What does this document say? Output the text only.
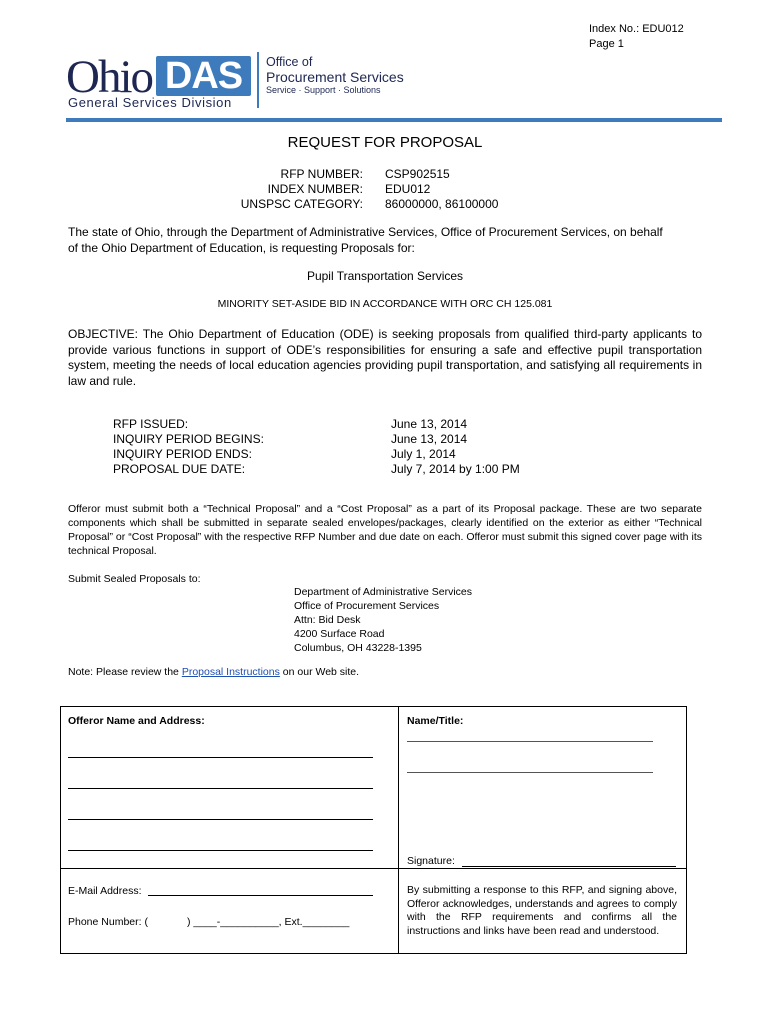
Index No.: EDU012
Page 1
Ohio DAS
General Services Division
Office of
Procurement Services
Service · Support · Solutions
REQUEST FOR PROPOSAL
RFP NUMBER:
INDEX NUMBER:
UNSPSC CATEGORY:
CSP902515
EDU012
86000000, 86100000
The state of Ohio, through the Department of Administrative Services, Office of Procurement Services, on behalf of the Ohio Department of Education, is requesting Proposals for:
Pupil Transportation Services
MINORITY SET-ASIDE BID IN ACCORDANCE WITH ORC CH 125.081
OBJECTIVE: The Ohio Department of Education (ODE) is seeking proposals from qualified third-party applicants to provide various functions in support of ODE’s responsibilities for ensuring a safe and effective pupil transportation system, meeting the needs of local education agencies providing pupil transportation, and satisfying all requirements in law and rule.
RFP ISSUED:
INQUIRY PERIOD BEGINS:
INQUIRY PERIOD ENDS:
PROPOSAL DUE DATE:
June 13, 2014
June 13, 2014
July 1, 2014
July 7, 2014 by 1:00 PM
Offeror must submit both a “Technical Proposal” and a “Cost Proposal” as a part of its Proposal package. These are two separate components which shall be submitted in separate sealed envelopes/packages, clearly identified on the exterior as either “Technical Proposal” or “Cost Proposal” with the respective RFP Number and due date on each. Offeror must submit this signed cover page with its technical Proposal.
Submit Sealed Proposals to:
Department of Administrative Services
Office of Procurement Services
Attn: Bid Desk
4200 Surface Road
Columbus, OH 43228-1395
Note: Please review the Proposal Instructions on our Web site.
Offeror Name and Address:	Name/Title:
Signature:
E-Mail Address:
Phone Number: (	) ____-__________, Ext.________
By submitting a response to this RFP, and signing above, Offeror acknowledges, understands and agrees to comply with the RFP requirements and confirms all the instructions and links have been read and understood.
